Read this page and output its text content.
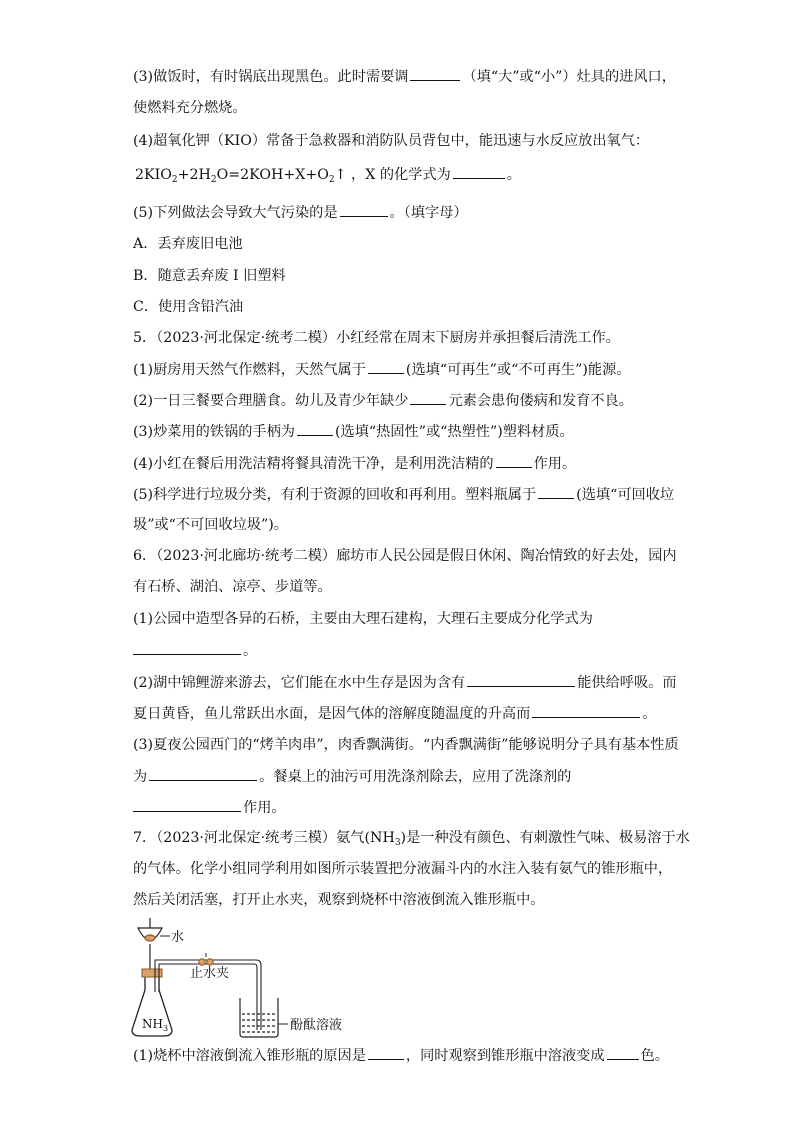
(3)做饭时，有时锅底出现黑色。此时需要调	（填“大”或“小”）灶具的进风口，
使燃料充分燃烧。
(4)超氧化钾（KIO）常备于急救器和消防队员背包中，能迅速与水反应放出氧气：
$2KIO_2+2H_2O=2KOH+X+O_2↑$ ，X 的化学式为	。
(5)下列做法会导致大气污染的是	。（填字母）
A．丢弃废旧电池
B．随意丢弃废 I 旧塑料
C．使用含铅汽油
5．（2023·河北保定·统考二模）小红经常在周末下厨房并承担餐后清洗工作。
(1)厨房用天然气作燃料，天然气属于	(选填“可再生”或“不可再生”)能源。
(2)一日三餐要合理膳食。幼儿及青少年缺少	元素会患佝偻病和发育不良。
(3)炒菜用的铁锅的手柄为	(选填“热固性”或“热塑性”)塑料材质。
(4)小红在餐后用洗洁精将餐具清洗干净，是利用洗洁精的	作用。
(5)科学进行垃圾分类，有利于资源的回收和再利用。塑料瓶属于	(选填“可回收垃
圾”或“不可回收垃圾”)。
6．（2023·河北廊坊·统考二模）廊坊市人民公园是假日休闲、陶冶情致的好去处，园内
有石桥、湖泊、凉亭、步道等。
(1)公园中造型各异的石桥，主要由大理石建构，大理石主要成分化学式为
。
(2)湖中锦鲤游来游去，它们能在水中生存是因为含有	能供给呼吸。而
夏日黄昏，鱼儿常跃出水面，是因气体的溶解度随温度的升高而	。
(3)夏夜公园西门的“烤羊肉串”，肉香飘满街。“内香飘满街”能够说明分子具有基本性质
为	。餐桌上的油污可用洗涤剂除去，应用了洗涤剂的
作用。
7．（2023·河北保定·统考三模）氨气$(NH_3)$是一种没有颜色、有刺激性气味、极易溶于水
的气体。化学小组同学利用如图所示装置把分液漏斗内的水注入装有氨气的锥形瓶中，
然后关闭活塞，打开止水夹，观察到烧杯中溶液倒流入锥形瓶中。
水
$NH_3$
止水夹
酚酞溶液
(1)烧杯中溶液倒流入锥形瓶的原因是	，同时观察到锥形瓶中溶液变成	色。
